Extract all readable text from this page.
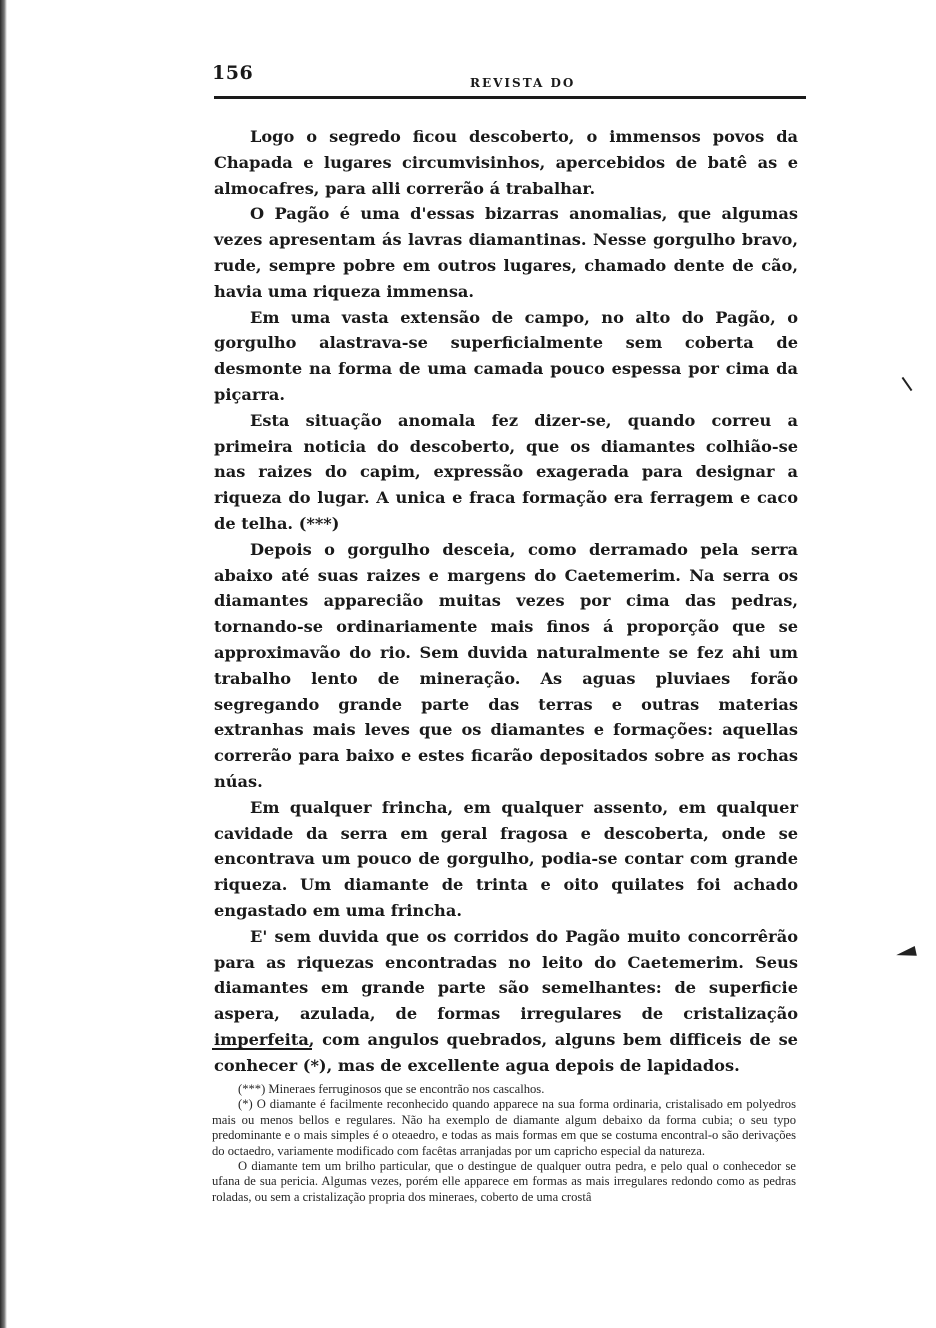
156	REVISTA DO

Logo o segredo ficou descoberto, o immensos povos da Chapada e lugares circumvisinhos, apercebidos de batê as e almocafres, para alli correrão á trabalhar.

O Pagão é uma d'essas bizarras anomalias, que algumas vezes apresentam ás lavras diamantinas. Nesse gorgulho bravo, rude, sempre pobre em outros lugares, chamado dente de cão, havia uma riqueza immensa.

Em uma vasta extensão de campo, no alto do Pagão, o gorgulho alastrava-se superficialmente sem coberta de desmonte na forma de uma camada pouco espessa por cima da piçarra.

Esta situação anomala fez dizer-se, quando correu a primeira noticia do descoberto, que os diamantes colhião-se nas raizes do capim, expressão exagerada para designar a riqueza do lugar. A unica e fraca formação era ferragem e caco de telha. (***)

Depois o gorgulho desceia, como derramado pela serra abaixo até suas raizes e margens do Caetemerim. Na serra os diamantes apparecião muitas vezes por cima das pedras, tornando-se ordinariamente mais finos á proporção que se approximavão do rio. Sem duvida naturalmente se fez ahi um trabalho lento de mineração. As aguas pluviaes forão segregando grande parte das terras e outras materias extranhas mais leves que os diamantes e formações: aquellas correrão para baixo e estes ficarão depositados sobre as rochas núas.

Em qualquer frincha, em qualquer assento, em qualquer cavidade da serra em geral fragosa e descoberta, onde se encontrava um pouco de gorgulho, podia-se contar com grande riqueza. Um diamante de trinta e oito quilates foi achado engastado em uma frincha.

E' sem duvida que os corridos do Pagão muito concorrêrão para as riquezas encontradas no leito do Caetemerim. Seus diamantes em grande parte são semelhantes: de superficie aspera, azulada, de formas irregulares de cristalização imperfeita, com angulos quebrados, alguns bem difficeis de se conhecer (*), mas de excellente agua depois de lapidados.

(***) Mineraes ferruginosos que se encontrão nos cascalhos.

(*) O diamante é facilmente reconhecido quando apparece na sua forma ordinaria, cristalisado em polyedros mais ou menos bellos e regulares. Não ha exemplo de diamante algum debaixo da forma cubia; o seu typo predominante e o mais simples é o oteaedro, e todas as mais formas em que se costuma encontral-o são derivações do octaedro, variamente modificado com facêtas arranjadas por um capricho especial da natureza.

O diamante tem um brilho particular, que o destingue de qualquer outra pedra, e pelo qual o conhecedor se ufana de sua pericia. Algumas vezes, porém elle apparece em formas as mais irregulares redondo como as pedras roladas, ou sem a cristalização propria dos mineraes, coberto de uma crostâ
